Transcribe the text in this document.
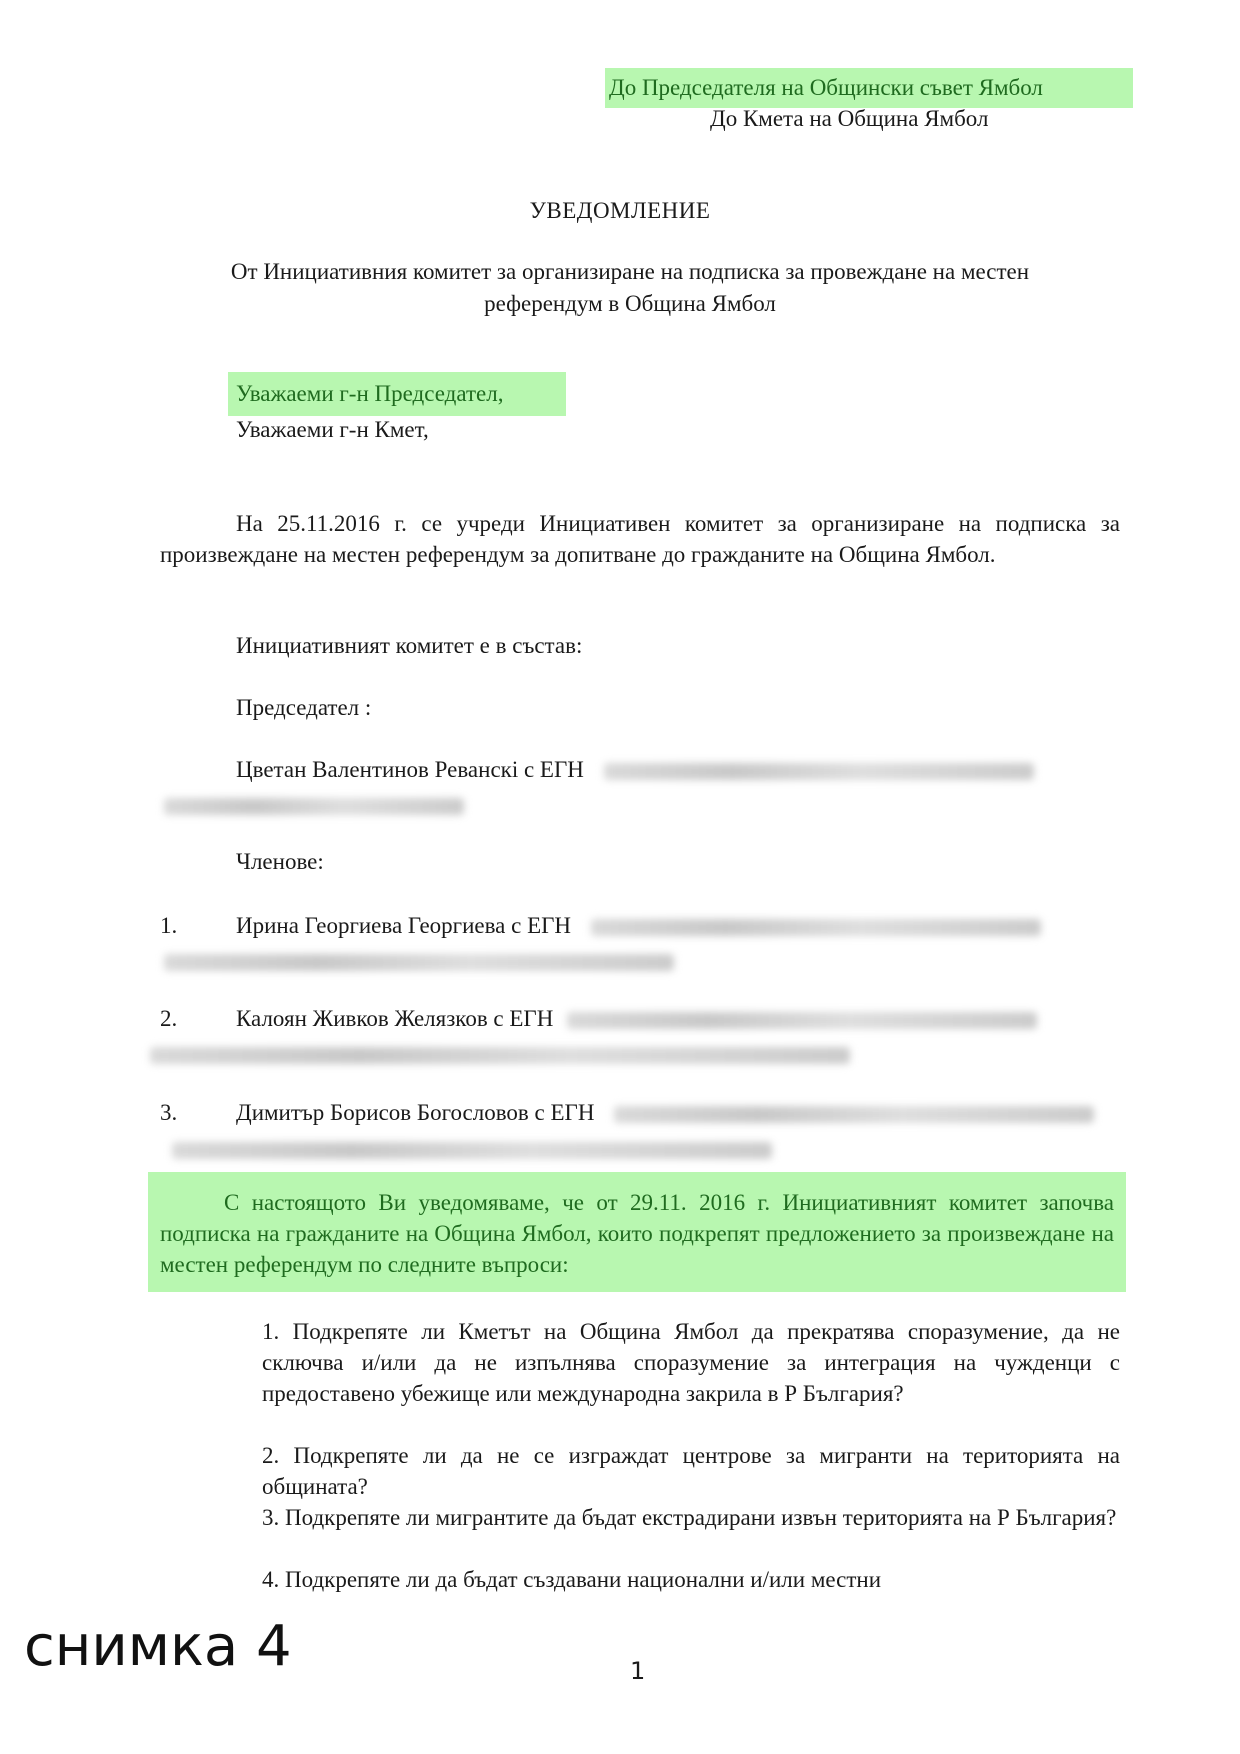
До Председателя на Общински съвет Ямбол
До Кмета на Община Ямбол
УВЕДОМЛЕНИЕ
От Инициативния комитет за организиране на подписка за провеждане на местен референдум в Община Ямбол
Уважаеми г-н Председател,
Уважаеми г-н Кмет,
На 25.11.2016 г. се учреди Инициативен комитет за организиране на подписка за произвеждане на местен референдум за допитване до гражданите на Община Ямбол.
Инициативният комитет е в състав:
Председател :
Цветан Валентинов Реванскi с ЕГН
Членове:
1.	Ирина Георгиева Георгиева с ЕГН
2.	Калоян Живков Желязков с ЕГН
3.	Димитър Борисов Богословов с ЕГН
С настоящото Ви уведомяваме, че от 29.11. 2016 г. Инициативният комитет започва подписка на гражданите на Община Ямбол, които подкрепят предложението за произвеждане на местен референдум по следните въпроси:
1. Подкрепяте ли Кметът на Община Ямбол да прекратява споразумение, да не сключва и/или да не изпълнява споразумение за интеграция на чужденци с предоставено убежище или международна закрила в Р България?
2. Подкрепяте ли да не се изграждат центрове за мигранти на територията на общината?
3. Подкрепяте ли мигрантите да бъдат екстрадирани извън територията на Р България?
4. Подкрепяте ли да бъдат създавани национални и/или местни
снимка 4	1
